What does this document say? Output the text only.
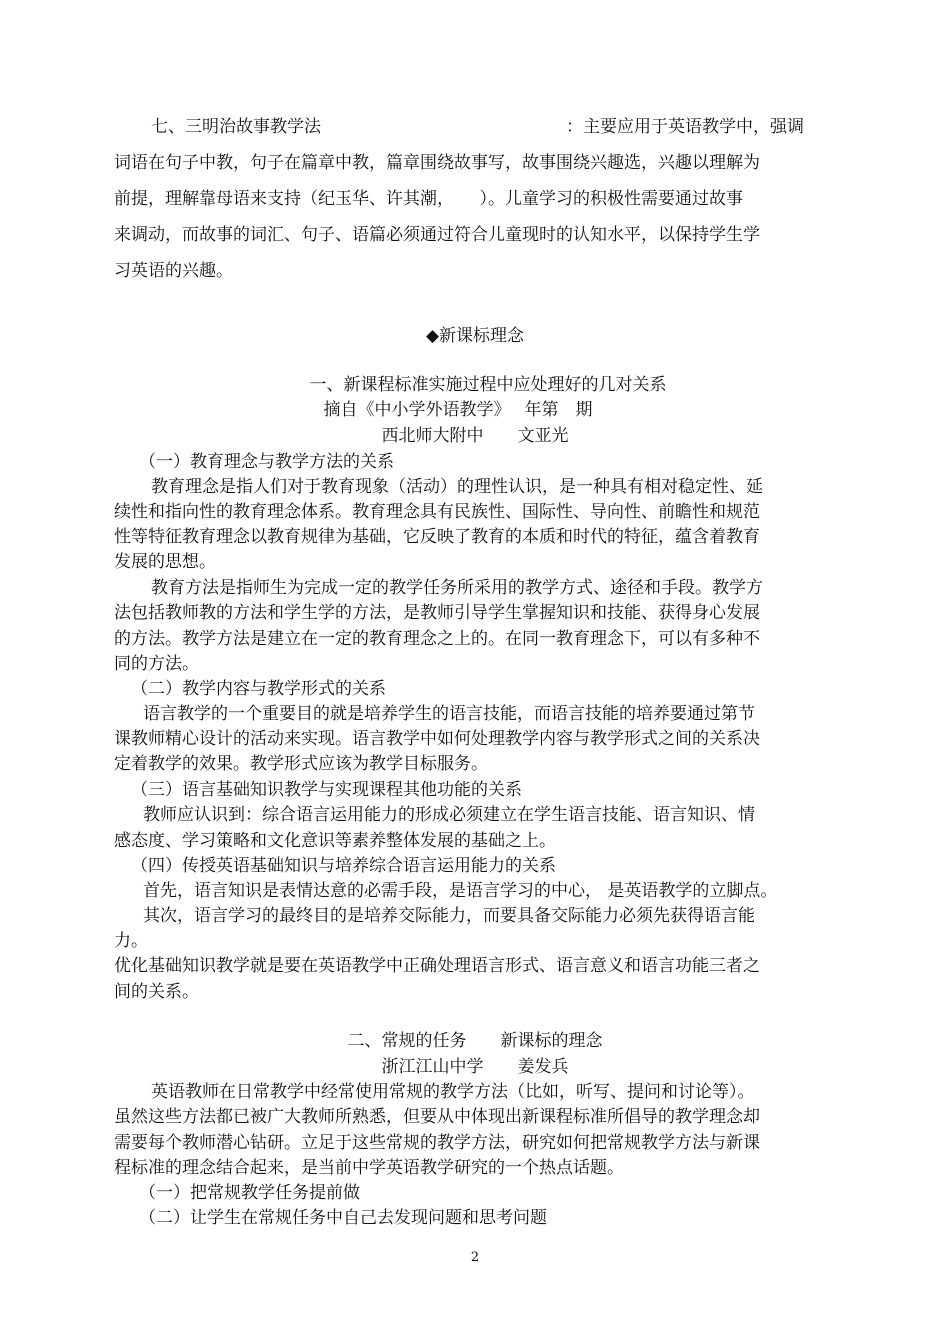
七、三明治故事教学法	：主要应用于英语教学中，强调
词语在句子中教，句子在篇章中教，篇章围绕故事写，故事围绕兴趣选，兴趣以理解为
前提，理解靠母语来支持（纪玉华、许其潮，　　）。儿童学习的积极性需要通过故事
来调动，而故事的词汇、句子、语篇必须通过符合儿童现时的认知水平，以保持学生学
习英语的兴趣。
◆新课标理念
一、新课程标准实施过程中应处理好的几对关系
摘自《中小学外语教学》　 年第　期
西北师大附中　　文亚光
（一）教育理念与教学方法的关系
　教育理念是指人们对于教育现象（活动）的理性认识，是一种具有相对稳定性、延
续性和指向性的教育理念体系。教育理念具有民族性、国际性、导向性、前瞻性和规范
性等特征教育理念以教育规律为基础，它反映了教育的本质和时代的特征，蕴含着教育
发展的思想。
　教育方法是指师生为完成一定的教学任务所采用的教学方式、途径和手段。教学方
法包括教师教的方法和学生学的方法，是教师引导学生掌握知识和技能、获得身心发展
的方法。教学方法是建立在一定的教育理念之上的。在同一教育理念下，可以有多种不
同的方法。
（二）教学内容与教学形式的关系
　语言教学的一个重要目的就是培养学生的语言技能，而语言技能的培养要通过第节
课教师精心设计的活动来实现。语言教学中如何处理教学内容与教学形式之间的关系决
定着教学的效果。教学形式应该为教学目标服务。
（三）语言基础知识教学与实现课程其他功能的关系
　教师应认识到：综合语言运用能力的形成必须建立在学生语言技能、语言知识、情
感态度、学习策略和文化意识等素养整体发展的基础之上。
（四）传授英语基础知识与培养综合语言运用能力的关系
　首先，语言知识是表情达意的必需手段，是语言学习的中心， 是英语教学的立脚点。
　其次，语言学习的最终目的是培养交际能力，而要具备交际能力必须先获得语言能
力。
优化基础知识教学就是要在英语教学中正确处理语言形式、语言意义和语言功能三者之
间的关系。
二、常规的任务　　新课标的理念
浙江江山中学　　姜发兵
　英语教师在日常教学中经常使用常规的教学方法（比如，听写、提问和讨论等）。
虽然这些方法都已被广大教师所熟悉，但要从中体现出新课程标准所倡导的教学理念却
需要每个教师潜心钻研。立足于这些常规的教学方法，研究如何把常规教学方法与新课
程标准的理念结合起来，是当前中学英语教学研究的一个热点话题。
（一）把常规教学任务提前做
（二）让学生在常规任务中自己去发现问题和思考问题
2
